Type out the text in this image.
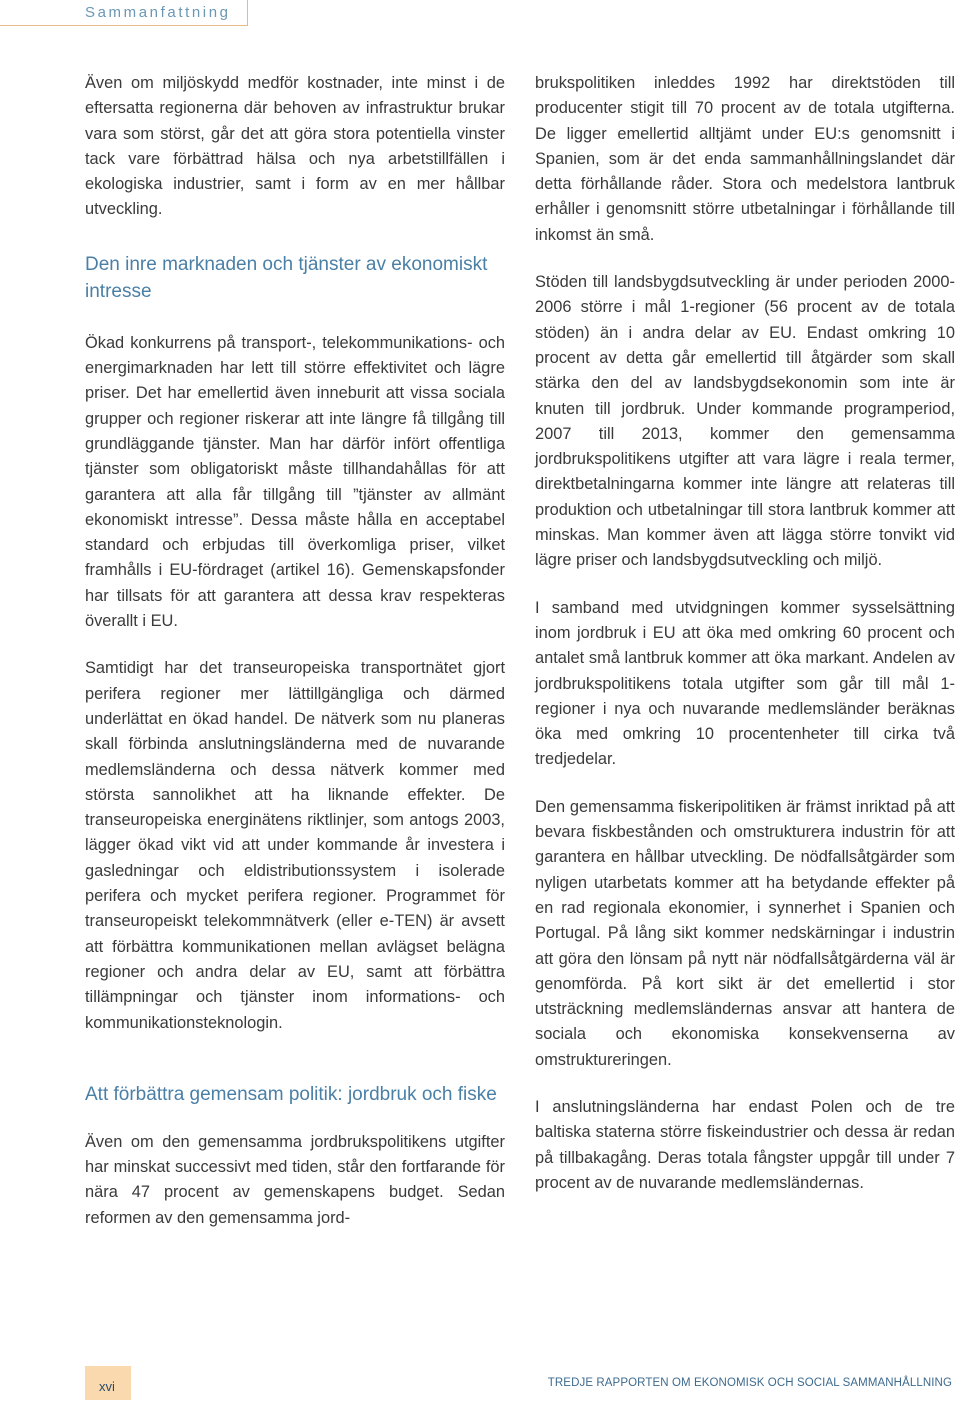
Sammanfattning

Även om miljöskydd medför kostnader, inte minst i de eftersatta regionerna där behoven av infrastruktur brukar vara som störst, går det att göra stora potentiella vinster tack vare förbättrad hälsa och nya arbetstillfällen i ekologiska industrier, samt i form av en mer hållbar utveckling.

Den inre marknaden och tjänster av ekonomiskt intresse

Ökad konkurrens på transport-, telekommunikations- och energimarknaden har lett till större effektivitet och lägre priser. Det har emellertid även inneburit att vissa sociala grupper och regioner riskerar att inte längre få tillgång till grundläggande tjänster. Man har därför infört offentliga tjänster som obligatoriskt måste tillhandahållas för att garantera att alla får tillgång till ”tjänster av allmänt ekonomiskt intresse”. Dessa måste hålla en acceptabel standard och erbjudas till överkomliga priser, vilket framhålls i EU-fördraget (artikel 16). Gemenskapsfonder har tillsats för att garantera att dessa krav respekteras överallt i EU.

Samtidigt har det transeuropeiska transportnätet gjort perifera regioner mer lättillgängliga och därmed underlättat en ökad handel. De nätverk som nu planeras skall förbinda anslutningsländerna med de nuvarande medlemsländerna och dessa nätverk kommer med största sannolikhet att ha liknande effekter. De transeuropeiska energinätens riktlinjer, som antogs 2003, lägger ökad vikt vid att under kommande år investera i gasledningar och eldistributionssystem i isolerade perifera och mycket perifera regioner. Programmet för transeuropeiskt telekommnätverk (eller e-TEN) är avsett att förbättra kommunikationen mellan avlägset belägna regioner och andra delar av EU, samt att förbättra tillämpningar och tjänster inom informations- och kommunikationsteknologin.

Att förbättra gemensam politik: jordbruk och fiske

Även om den gemensamma jordbrukspolitikens utgifter har minskat successivt med tiden, står den fortfarande för nära 47 procent av gemenskapens budget. Sedan reformen av den gemensamma jord-

brukspolitiken inleddes 1992 har direktstöden till producenter stigit till 70 procent av de totala utgifterna. De ligger emellertid alltjämt under EU:s genomsnitt i Spanien, som är det enda sammanhållningslandet där detta förhållande råder. Stora och medelstora lantbruk erhåller i genomsnitt större utbetalningar i förhållande till inkomst än små.

Stöden till landsbygdsutveckling är under perioden 2000-2006 större i mål 1-regioner (56 procent av de totala stöden) än i andra delar av EU. Endast omkring 10 procent av detta går emellertid till åtgärder som skall stärka den del av landsbygdsekonomin som inte är knuten till jordbruk. Under kommande programperiod, 2007 till 2013, kommer den gemensamma jordbrukspolitikens utgifter att vara lägre i reala termer, direktbetalningarna kommer inte längre att relateras till produktion och utbetalningar till stora lantbruk kommer att minskas. Man kommer även att lägga större tonvikt vid lägre priser och landsbygdsutveckling och miljö.

I samband med utvidgningen kommer sysselsättning inom jordbruk i EU att öka med omkring 60 procent och antalet små lantbruk kommer att öka markant. Andelen av jordbrukspolitikens totala utgifter som går till mål 1-regioner i nya och nuvarande medlemsländer beräknas öka med omkring 10 procentenheter till cirka två tredjedelar.

Den gemensamma fiskeripolitiken är främst inriktad på att bevara fiskbestånden och omstrukturera industrin för att garantera en hållbar utveckling. De nödfallsåtgärder som nyligen utarbetats kommer att ha betydande effekter på en rad regionala ekonomier, i synnerhet i Spanien och Portugal. På lång sikt kommer nedskärningar i industrin att göra den lönsam på nytt när nödfallsåtgärderna väl är genomförda. På kort sikt är det emellertid i stor utsträckning medlemsländernas ansvar att hantera de sociala och ekonomiska konsekvenserna av omstruktureringen.

I anslutningsländerna har endast Polen och de tre baltiska staterna större fiskeindustrier och dessa är redan på tillbakagång. Deras totala fångster uppgår till under 7 procent av de nuvarande medlemsländernas.

xvi	TREDJE RAPPORTEN OM EKONOMISK OCH SOCIAL SAMMANHÅLLNING
